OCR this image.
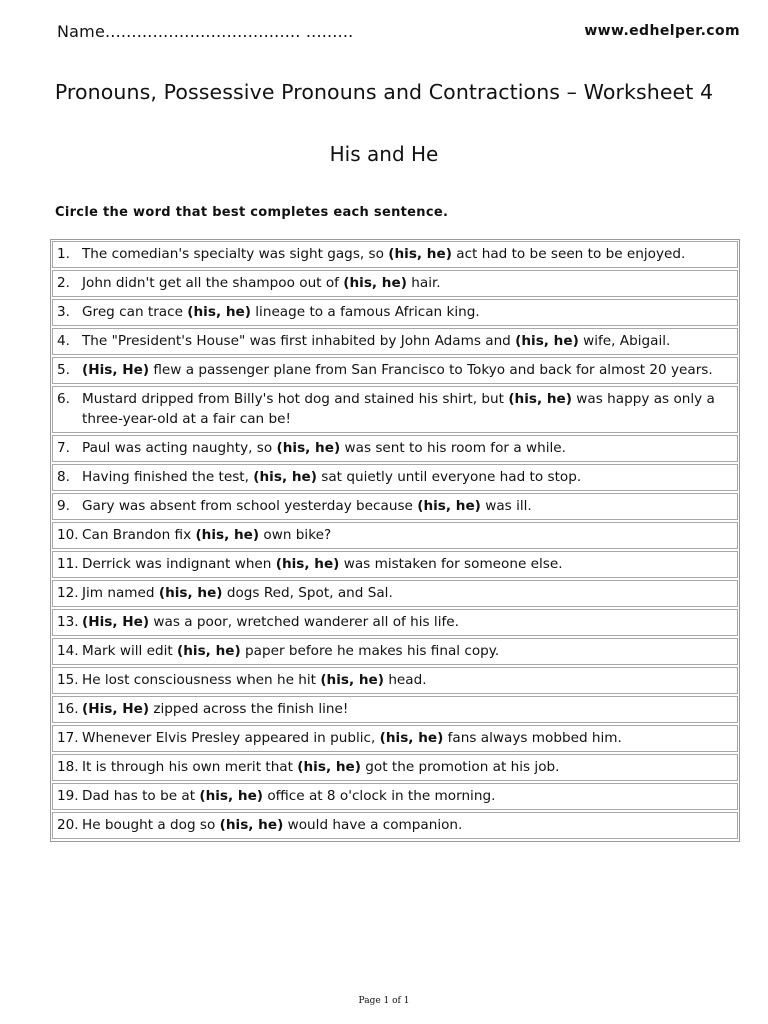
Name..................................... .........	www.edhelper.com
Pronouns, Possessive Pronouns and Contractions – Worksheet 4
His and He
Circle the word that best completes each sentence.
1. The comedian's specialty was sight gags, so (his, he) act had to be seen to be enjoyed.
2. John didn't get all the shampoo out of (his, he) hair.
3. Greg can trace (his, he) lineage to a famous African king.
4. The "President's House" was first inhabited by John Adams and (his, he) wife, Abigail.
5. (His, He) flew a passenger plane from San Francisco to Tokyo and back for almost 20 years.
6. Mustard dripped from Billy's hot dog and stained his shirt, but (his, he) was happy as only a three-year-old at a fair can be!
7. Paul was acting naughty, so (his, he) was sent to his room for a while.
8. Having finished the test, (his, he) sat quietly until everyone had to stop.
9. Gary was absent from school yesterday because (his, he) was ill.
10. Can Brandon fix (his, he) own bike?
11. Derrick was indignant when (his, he) was mistaken for someone else.
12. Jim named (his, he) dogs Red, Spot, and Sal.
13. (His, He) was a poor, wretched wanderer all of his life.
14. Mark will edit (his, he) paper before he makes his final copy.
15. He lost consciousness when he hit (his, he) head.
16. (His, He) zipped across the finish line!
17. Whenever Elvis Presley appeared in public, (his, he) fans always mobbed him.
18. It is through his own merit that (his, he) got the promotion at his job.
19. Dad has to be at (his, he) office at 8 o'clock in the morning.
20. He bought a dog so (his, he) would have a companion.
Page 1 of 1
